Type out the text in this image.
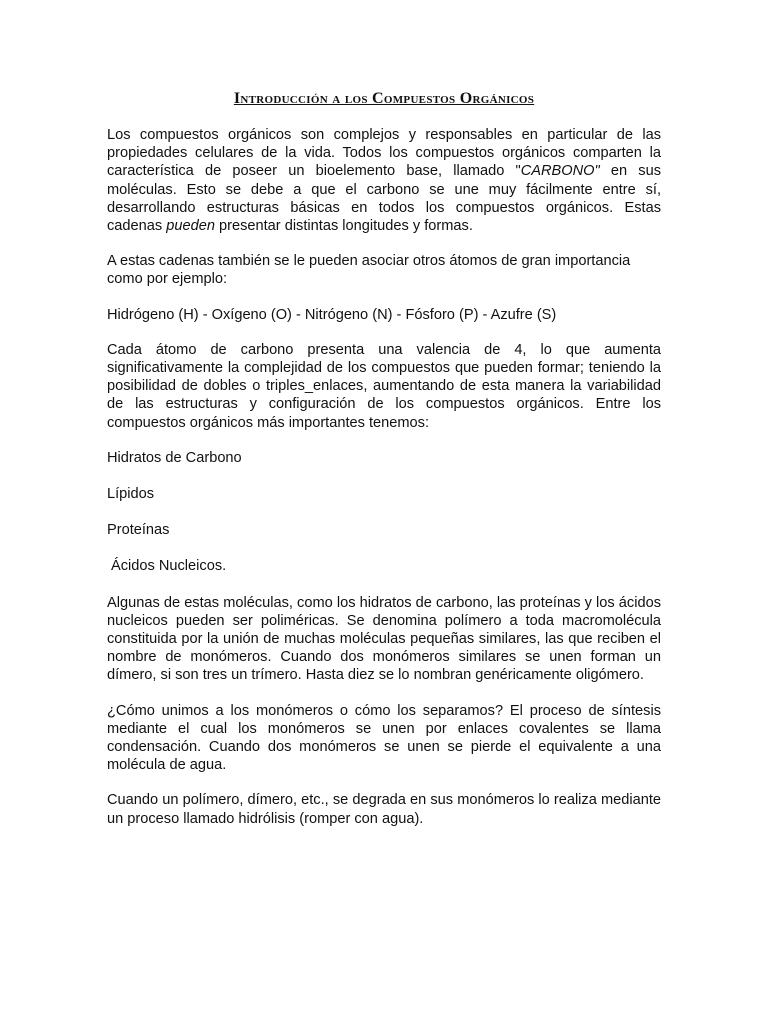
Introducción a los Compuestos Orgánicos

Los compuestos orgánicos son complejos y responsables en particular de las propiedades celulares de la vida. Todos los compuestos orgánicos comparten la característica de poseer un bioelemento base, llamado "CARBONO" en sus moléculas. Esto se debe a que el carbono se une muy fácilmente entre sí, desarrollando estructuras básicas en todos los compuestos orgánicos. Estas cadenas pueden presentar distintas longitudes y formas.

A estas cadenas también se le pueden asociar otros átomos de gran importancia como por ejemplo:

Hidrógeno (H) - Oxígeno (O) - Nitrógeno (N) - Fósforo (P) - Azufre (S)

Cada átomo de carbono presenta una valencia de 4, lo que aumenta significativamente la complejidad de los compuestos que pueden formar; teniendo la posibilidad de dobles o triples_enlaces, aumentando de esta manera la variabilidad de las estructuras y configuración de los compuestos orgánicos. Entre los compuestos orgánicos más importantes tenemos:

Hidratos de Carbono

Lípidos

Proteínas

Ácidos Nucleicos.

Algunas de estas moléculas, como los hidratos de carbono, las proteínas y los ácidos nucleicos pueden ser poliméricas. Se denomina polímero a toda macromolécula constituida por la unión de muchas moléculas pequeñas similares, las que reciben el nombre de monómeros. Cuando dos monómeros similares se unen forman un dímero, si son tres un trímero. Hasta diez se lo nombran genéricamente oligómero.

¿Cómo unimos a los monómeros o cómo los separamos? El proceso de síntesis mediante el cual los monómeros se unen por enlaces covalentes se llama condensación. Cuando dos monómeros se unen se pierde el equivalente a una molécula de agua.

Cuando un polímero, dímero, etc., se degrada en sus monómeros lo realiza mediante un proceso llamado hidrólisis (romper con agua).
